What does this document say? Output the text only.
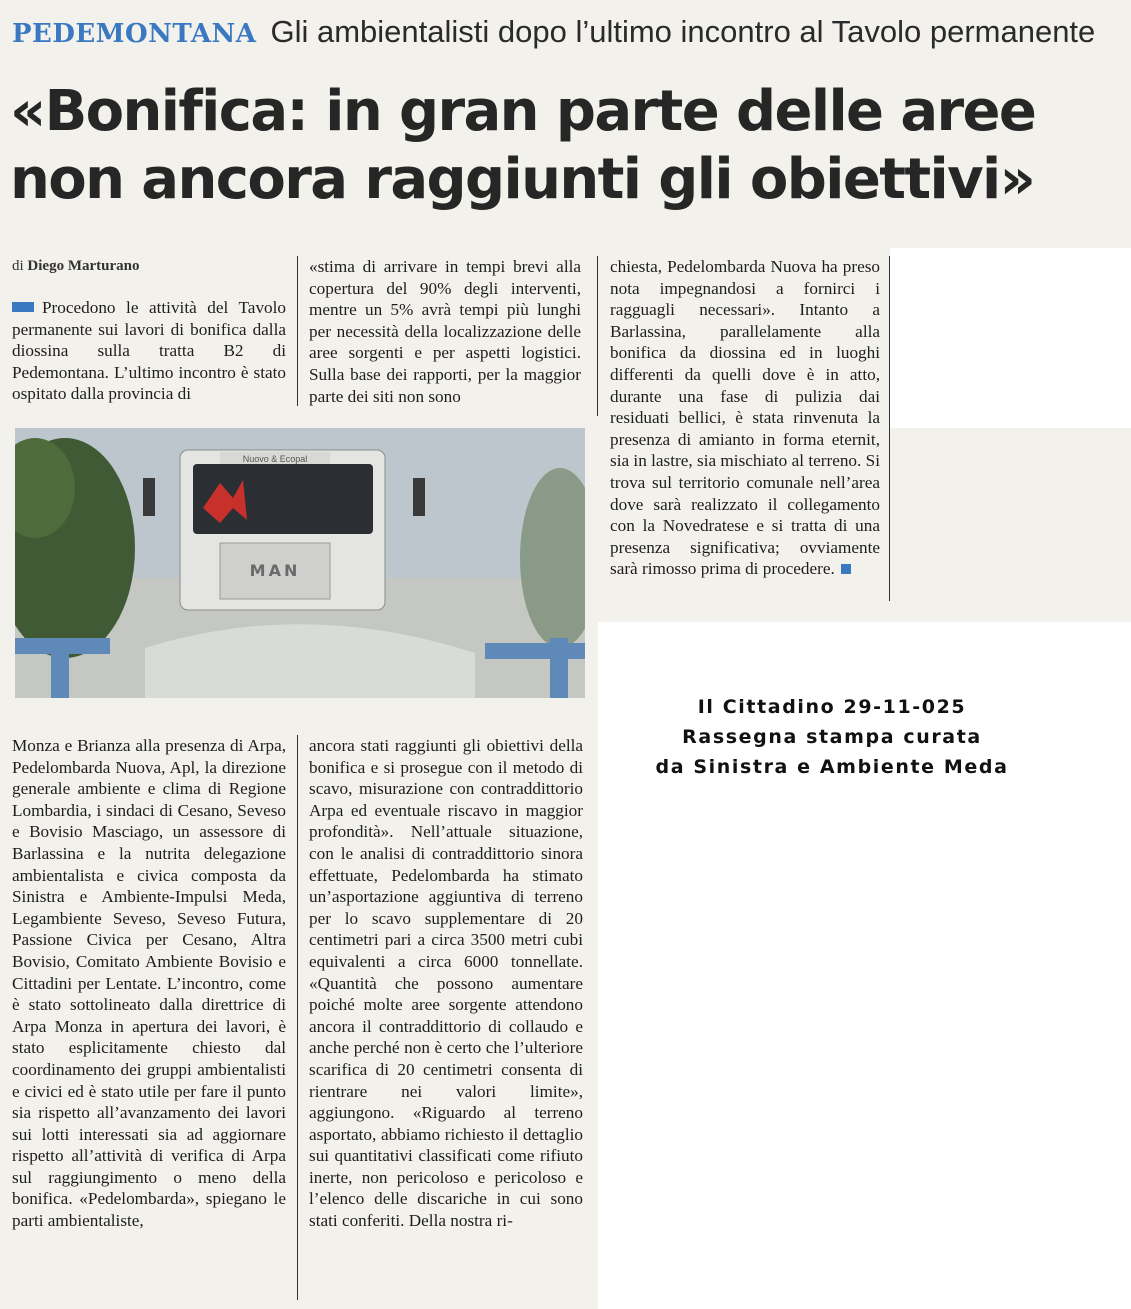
PEDEMONTANA Gli ambientalisti dopo l’ultimo incontro al Tavolo permanente
«Bonifica: in gran parte delle aree
non ancora raggiunti gli obiettivi»
di Diego Marturano

Procedono le attività del Tavolo permanente sui lavori di bonifica dalla diossina sulla tratta B2 di Pedemontana. L’ultimo incontro è stato ospitato dalla provincia di

«stima di arrivare in tempi brevi alla copertura del 90% degli interventi, mentre un 5% avrà tempi più lunghi per necessità della localizzazione delle aree sorgenti e per aspetti logistici. Sulla base dei rapporti, per la maggior parte dei siti non sono

chiesta, Pedelombarda Nuova ha preso nota impegnandosi a fornirci i ragguagli necessari». Intanto a Barlassina, parallelamente alla bonifica da diossina ed in luoghi differenti da quelli dove è in atto, durante una fase di pulizia dai residuati bellici, è stata rinvenuta la presenza di amianto in forma eternit, sia in lastre, sia mischiato al terreno. Si trova sul territorio comunale nell’area dove sarà realizzato il collegamento con la Novedratese e si tratta di una presenza significativa; ovviamente sarà rimosso prima di procedere.

Nuovo & Ecopal
MAN

Monza e Brianza alla presenza di Arpa, Pedelombarda Nuova, Apl, la direzione generale ambiente e clima di Regione Lombardia, i sindaci di Cesano, Seveso e Bovisio Masciago, un assessore di Barlassina e la nutrita delegazione ambientalista e civica composta da Sinistra e Ambiente-Impulsi Meda, Legambiente Seveso, Seveso Futura, Passione Civica per Cesano, Altra Bovisio, Comitato Ambiente Bovisio e Cittadini per Lentate. L’incontro, come è stato sottolineato dalla direttrice di Arpa Monza in apertura dei lavori, è stato esplicitamente chiesto dal coordinamento dei gruppi ambientalisti e civici ed è stato utile per fare il punto sia rispetto all’avanzamento dei lavori sui lotti interessati sia ad aggiornare rispetto all’attività di verifica di Arpa sul raggiungimento o meno della bonifica. «Pedelombarda», spiegano le parti ambientaliste,

ancora stati raggiunti gli obiettivi della bonifica e si prosegue con il metodo di scavo, misurazione con contraddittorio Arpa ed eventuale riscavo in maggior profondità». Nell’attuale situazione, con le analisi di contraddittorio sinora effettuate, Pedelombarda ha stimato un’asportazione aggiuntiva di terreno per lo scavo supplementare di 20 centimetri pari a circa 3500 metri cubi equivalenti a circa 6000 tonnellate. «Quantità che possono aumentare poiché molte aree sorgente attendono ancora il contraddittorio di collaudo e anche perché non è certo che l’ulteriore scarifica di 20 centimetri consenta di rientrare nei valori limite», aggiungono. «Riguardo al terreno asportato, abbiamo richiesto il dettaglio sui quantitativi classificati come rifiuto inerte, non pericoloso e pericoloso e l’elenco delle discariche in cui sono stati conferiti. Della nostra ri-

Il Cittadino 29-11-025
Rassegna stampa curata
da Sinistra e Ambiente Meda
